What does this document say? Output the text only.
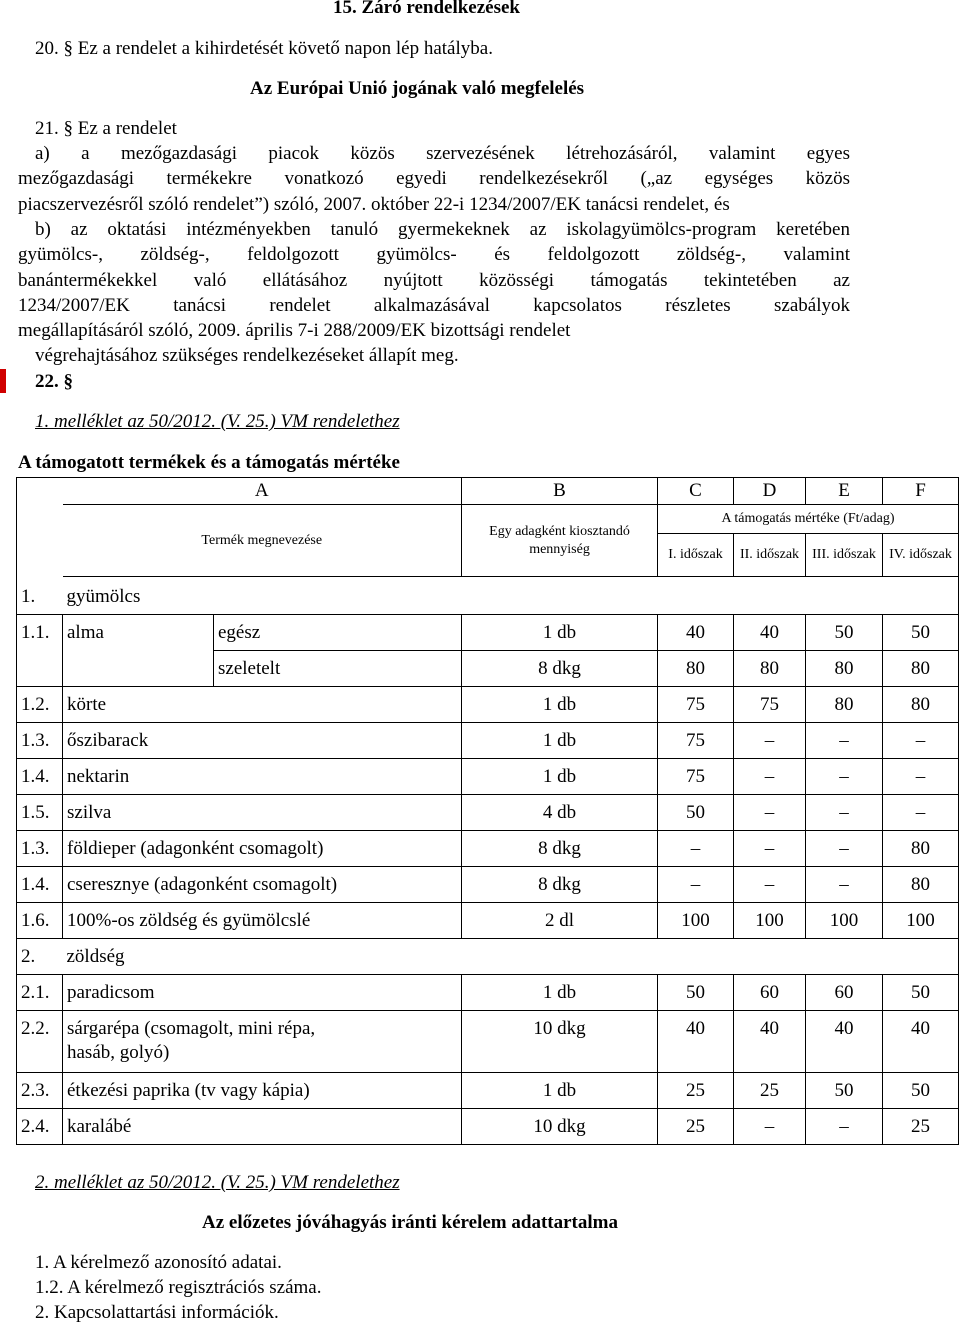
15. Záró rendelkezések
20. § Ez a rendelet a kihirdetését követő napon lép hatályba.
Az Európai Unió jogának való megfelelés
21. § Ez a rendelet
a) a mezőgazdasági piacok közös szervezésének létrehozásáról, valamint egyes
mezőgazdasági termékekre vonatkozó egyedi rendelkezésekről („az egységes közös
piacszervezésről szóló rendelet”) szóló, 2007. október 22-i 1234/2007/EK tanácsi rendelet, és
b) az oktatási intézményekben tanuló gyermekeknek az iskolagyümölcs-program keretében
gyümölcs-, zöldség-, feldolgozott gyümölcs- és feldolgozott zöldség-, valamint
banántermékekkel való ellátásához nyújtott közösségi támogatás tekintetében az
1234/2007/EK tanácsi rendelet alkalmazásával kapcsolatos részletes szabályok
megállapításáról szóló, 2009. április 7-i 288/2009/EK bizottsági rendelet
végrehajtásához szükséges rendelkezéseket állapít meg.
22. §
1. melléklet az 50/2012. (V. 25.) VM rendelethez
A támogatott termékek és a támogatás mértéke
	A		B	C	D	E	F
	Termék megnevezése		Egy adagként kiosztandó mennyiség	A támogatás mértéke (Ft/adag)			
				I. időszak	II. időszak	III. időszak	IV. időszak
1.	gyümölcs						
1.1.	alma	egész	1 db	40	40	50	50
		szeletelt	8 dkg	80	80	80	80
1.2.	körte		1 db	75	75	80	80
1.3.	őszibarack		1 db	75	–	–	–
1.4.	nektarin		1 db	75	–	–	–
1.5.	szilva		4 db	50	–	–	–
1.3.	földieper (adagonként csomagolt)		8 dkg	–	–	–	80
1.4.	cseresznye (adagonként csomagolt)		8 dkg	–	–	–	80
1.6.	100%-os zöldség és gyümölcslé		2 dl	100	100	100	100
2.	zöldség						
2.1.	paradicsom		1 db	50	60	60	50
2.2.	sárgarépa (csomagolt, mini répa, hasáb, golyó)		10 dkg	40	40	40	40
2.3.	étkezési paprika (tv vagy kápia)		1 db	25	25	50	50
2.4.	karalábé		10 dkg	25	–	–	25
2. melléklet az 50/2012. (V. 25.) VM rendelethez
Az előzetes jóváhagyás iránti kérelem adattartalma
1. A kérelmező azonosító adatai.
1.2. A kérelmező regisztrációs száma.
2. Kapcsolattartási információk.
